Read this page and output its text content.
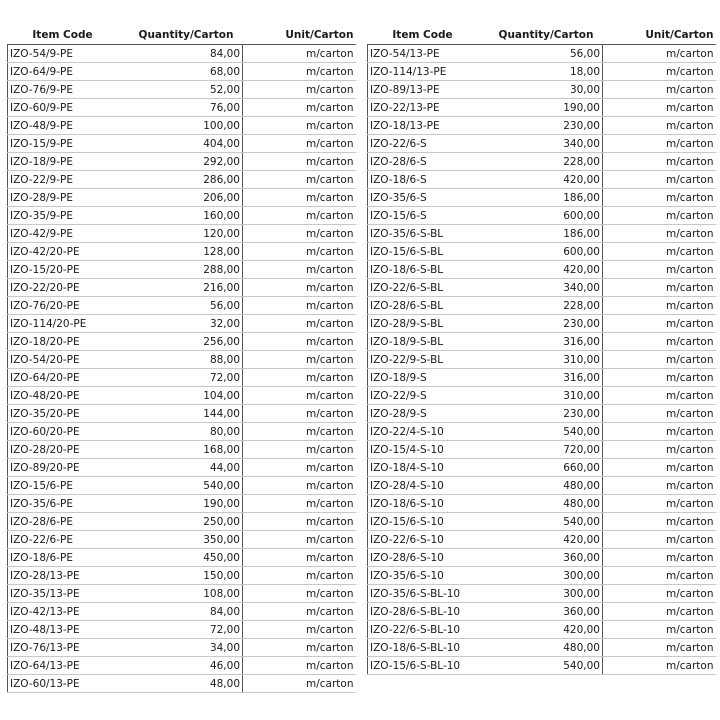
Item Code	Quantity/Carton	Unit/Carton
IZO-54/9-PE	84,00	m/carton
IZO-64/9-PE	68,00	m/carton
IZO-76/9-PE	52,00	m/carton
IZO-60/9-PE	76,00	m/carton
IZO-48/9-PE	100,00	m/carton
IZO-15/9-PE	404,00	m/carton
IZO-18/9-PE	292,00	m/carton
IZO-22/9-PE	286,00	m/carton
IZO-28/9-PE	206,00	m/carton
IZO-35/9-PE	160,00	m/carton
IZO-42/9-PE	120,00	m/carton
IZO-42/20-PE	128,00	m/carton
IZO-15/20-PE	288,00	m/carton
IZO-22/20-PE	216,00	m/carton
IZO-76/20-PE	56,00	m/carton
IZO-114/20-PE	32,00	m/carton
IZO-18/20-PE	256,00	m/carton
IZO-54/20-PE	88,00	m/carton
IZO-64/20-PE	72,00	m/carton
IZO-48/20-PE	104,00	m/carton
IZO-35/20-PE	144,00	m/carton
IZO-60/20-PE	80,00	m/carton
IZO-28/20-PE	168,00	m/carton
IZO-89/20-PE	44,00	m/carton
IZO-15/6-PE	540,00	m/carton
IZO-35/6-PE	190,00	m/carton
IZO-28/6-PE	250,00	m/carton
IZO-22/6-PE	350,00	m/carton
IZO-18/6-PE	450,00	m/carton
IZO-28/13-PE	150,00	m/carton
IZO-35/13-PE	108,00	m/carton
IZO-42/13-PE	84,00	m/carton
IZO-48/13-PE	72,00	m/carton
IZO-76/13-PE	34,00	m/carton
IZO-64/13-PE	46,00	m/carton
IZO-60/13-PE	48,00	m/carton
Item Code	Quantity/Carton	Unit/Carton
IZO-54/13-PE	56,00	m/carton
IZO-114/13-PE	18,00	m/carton
IZO-89/13-PE	30,00	m/carton
IZO-22/13-PE	190,00	m/carton
IZO-18/13-PE	230,00	m/carton
IZO-22/6-S	340,00	m/carton
IZO-28/6-S	228,00	m/carton
IZO-18/6-S	420,00	m/carton
IZO-35/6-S	186,00	m/carton
IZO-15/6-S	600,00	m/carton
IZO-35/6-S-BL	186,00	m/carton
IZO-15/6-S-BL	600,00	m/carton
IZO-18/6-S-BL	420,00	m/carton
IZO-22/6-S-BL	340,00	m/carton
IZO-28/6-S-BL	228,00	m/carton
IZO-28/9-S-BL	230,00	m/carton
IZO-18/9-S-BL	316,00	m/carton
IZO-22/9-S-BL	310,00	m/carton
IZO-18/9-S	316,00	m/carton
IZO-22/9-S	310,00	m/carton
IZO-28/9-S	230,00	m/carton
IZO-22/4-S-10	540,00	m/carton
IZO-15/4-S-10	720,00	m/carton
IZO-18/4-S-10	660,00	m/carton
IZO-28/4-S-10	480,00	m/carton
IZO-18/6-S-10	480,00	m/carton
IZO-15/6-S-10	540,00	m/carton
IZO-22/6-S-10	420,00	m/carton
IZO-28/6-S-10	360,00	m/carton
IZO-35/6-S-10	300,00	m/carton
IZO-35/6-S-BL-10	300,00	m/carton
IZO-28/6-S-BL-10	360,00	m/carton
IZO-22/6-S-BL-10	420,00	m/carton
IZO-18/6-S-BL-10	480,00	m/carton
IZO-15/6-S-BL-10	540,00	m/carton
